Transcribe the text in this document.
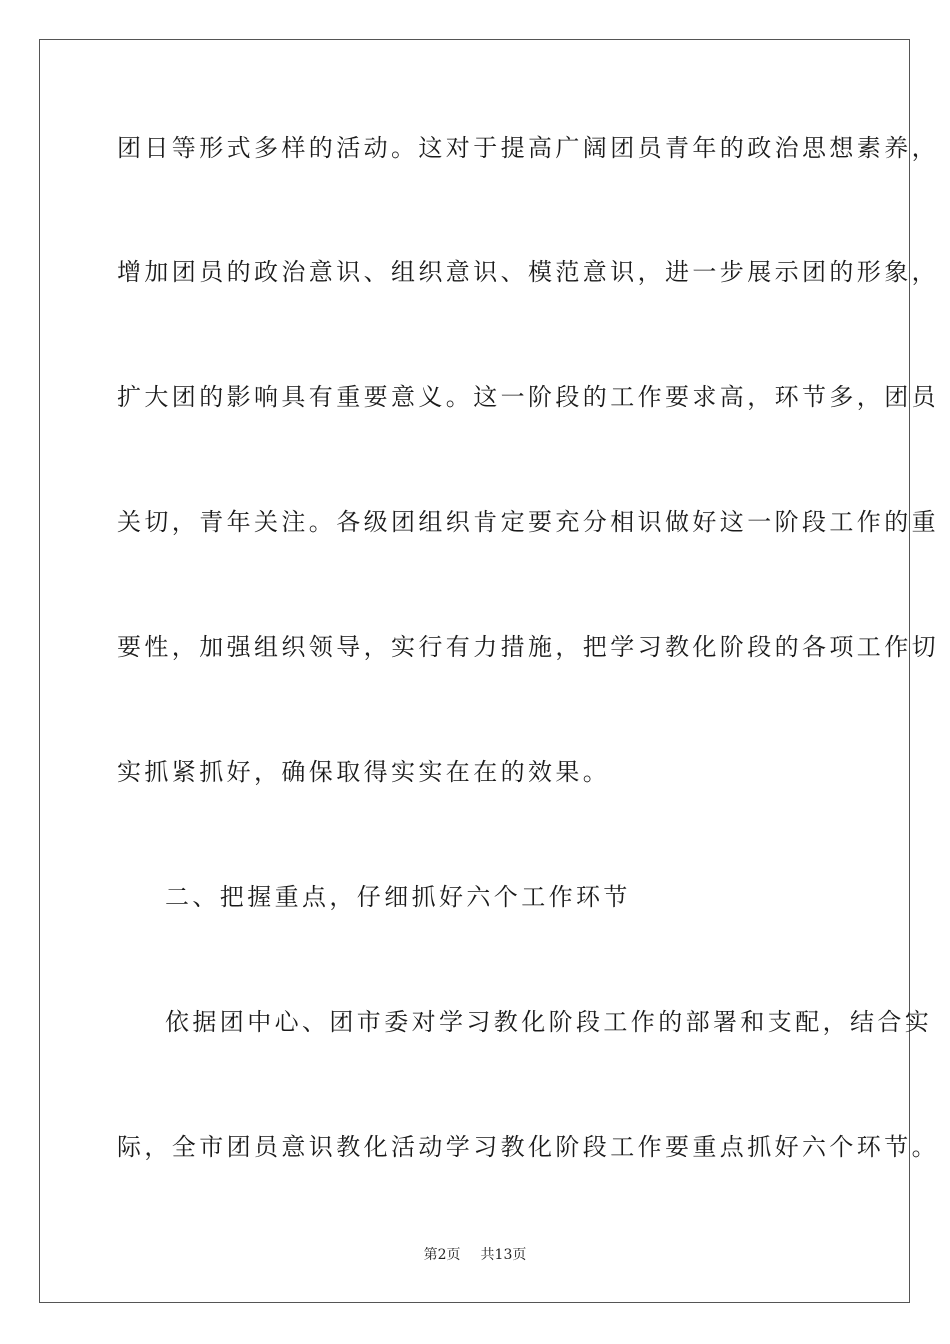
团日等形式多样的活动。这对于提高广阔团员青年的政治思想素养，
增加团员的政治意识、组织意识、模范意识，进一步展示团的形象，
扩大团的影响具有重要意义。这一阶段的工作要求高，环节多，团员
关切，青年关注。各级团组织肯定要充分相识做好这一阶段工作的重
要性，加强组织领导，实行有力措施，把学习教化阶段的各项工作切
实抓紧抓好，确保取得实实在在的效果。
二、把握重点，仔细抓好六个工作环节
依据团中心、团市委对学习教化阶段工作的部署和支配，结合实
际，全市团员意识教化活动学习教化阶段工作要重点抓好六个环节。
第2页 共13页
